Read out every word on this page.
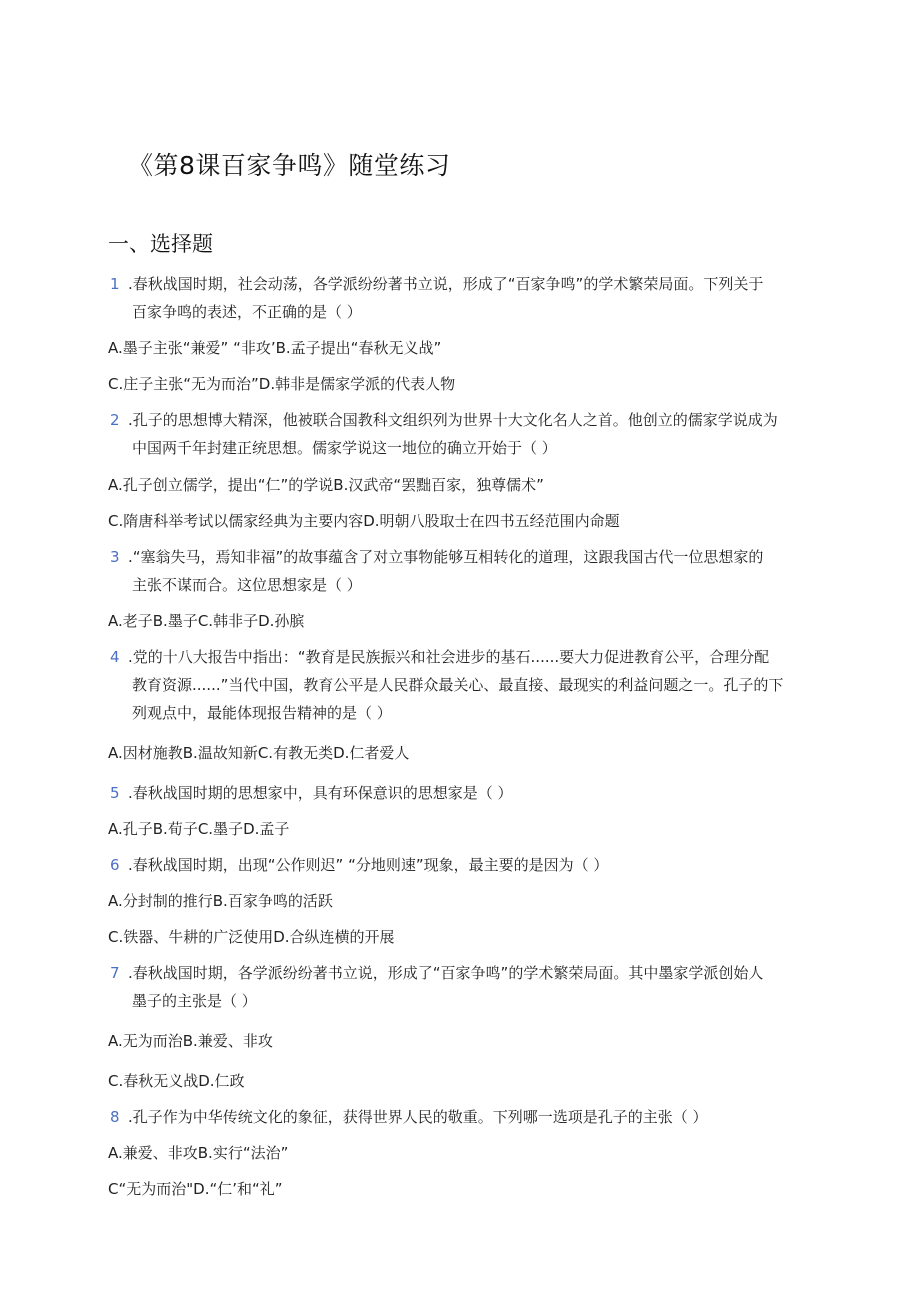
《第8课百家争鸣》随堂练习
一、选择题
1 .春秋战国时期，社会动荡，各学派纷纷著书立说，形成了“百家争鸣”的学术繁荣局面。下列关于
百家争鸣的表述，不正确的是（ ）
A.墨子主张“兼爱” “非攻’B.孟子提出“春秋无义战”
C.庄子主张“无为而治”D.韩非是儒家学派的代表人物
2 .孔子的思想博大精深，他被联合国教科文组织列为世界十大文化名人之首。他创立的儒家学说成为
中国两千年封建正统思想。儒家学说这一地位的确立开始于（ ）
A.孔子创立儒学，提出“仁”的学说B.汉武帝“罢黜百家，独尊儒术”
C.隋唐科举考试以儒家经典为主要内容D.明朝八股取士在四书五经范围内命题
3 .“塞翁失马，焉知非福”的故事蕴含了对立事物能够互相转化的道理，这跟我国古代一位思想家的
主张不谋而合。这位思想家是（ ）
A.老子B.墨子C.韩非子D.孙膑
4 .党的十八大报告中指出：“教育是民族振兴和社会进步的基石......要大力促进教育公平，合理分配
教育资源......”当代中国，教育公平是人民群众最关心、最直接、最现实的利益问题之一。孔子的下
列观点中，最能体现报告精神的是（ ）
A.因材施教B.温故知新C.有教无类D.仁者爱人
5 .春秋战国时期的思想家中，具有环保意识的思想家是（ ）
A.孔子B.荀子C.墨子D.孟子
6 .春秋战国时期，出现“公作则迟” “分地则速”现象，最主要的是因为（ ）
A.分封制的推行B.百家争鸣的活跃
C.铁器、牛耕的广泛使用D.合纵连横的开展
7 .春秋战国时期，各学派纷纷著书立说，形成了“百家争鸣”的学术繁荣局面。其中墨家学派创始人
墨子的主张是（ ）
A.无为而治B.兼爱、非攻
C.春秋无义战D.仁政
8 .孔子作为中华传统文化的象征，获得世界人民的敬重。下列哪一选项是孔子的主张（ ）
A.兼爱、非攻B.实行“法治”
C“无为而治"D.“仁’和“礼”
